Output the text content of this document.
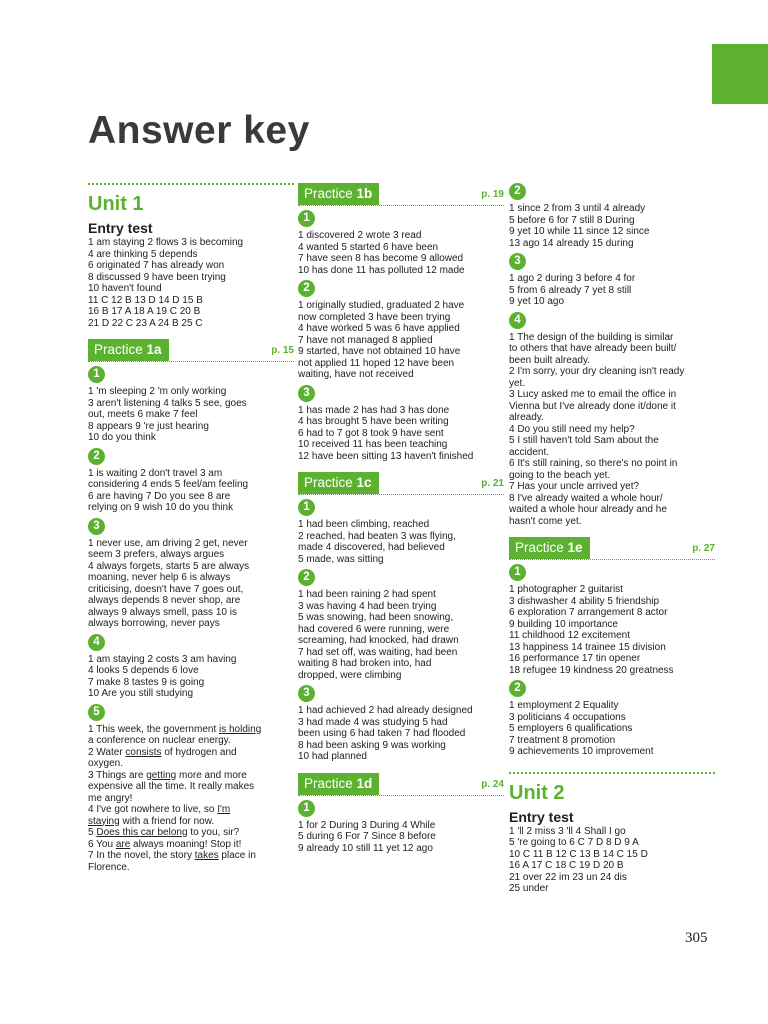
Answer key
Unit 1
Entry test
1 am staying 2 flows 3 is becoming
4 are thinking 5 depends
6 originated 7 has already won
8 discussed 9 have been trying
10 haven't found
11 C 12 B 13 D 14 D 15 B
16 B 17 A 18 A 19 C 20 B
21 D 22 C 23 A 24 B 25 C
Practice 1a	p. 15
1
1 'm sleeping 2 'm only working
3 aren't listening 4 talks 5 see, goes
out, meets 6 make 7 feel
8 appears 9 're just hearing
10 do you think
2
1 is waiting 2 don't travel 3 am
considering 4 ends 5 feel/am feeling
6 are having 7 Do you see 8 are
relying on 9 wish 10 do you think
3
1 never use, am driving 2 get, never
seem 3 prefers, always argues
4 always forgets, starts 5 are always
moaning, never help 6 is always
criticising, doesn't have 7 goes out,
always depends 8 never shop, are
always 9 always smell, pass 10 is
always borrowing, never pays
4
1 am staying 2 costs 3 am having
4 looks 5 depends 6 love
7 make 8 tastes 9 is going
10 Are you still studying
5
1 This week, the government is holding
a conference on nuclear energy.
2 Water consists of hydrogen and
oxygen.
3 Things are getting more and more
expensive all the time. It really makes
me angry!
4 I've got nowhere to live, so I'm
staying with a friend for now.
5 Does this car belong to you, sir?
6 You are always moaning! Stop it!
7 In the novel, the story takes place in
Florence.
Practice 1b	p. 19
1
1 discovered 2 wrote 3 read
4 wanted 5 started 6 have been
7 have seen 8 has become 9 allowed
10 has done 11 has polluted 12 made
2
1 originally studied, graduated 2 have
now completed 3 have been trying
4 have worked 5 was 6 have applied
7 have not managed 8 applied
9 started, have not obtained 10 have
not applied 11 hoped 12 have been
waiting, have not received
3
1 has made 2 has had 3 has done
4 has brought 5 have been writing
6 had to 7 got 8 took 9 have sent
10 received 11 has been teaching
12 have been sitting 13 haven't finished
Practice 1c	p. 21
1
1 had been climbing, reached
2 reached, had beaten 3 was flying,
made 4 discovered, had believed
5 made, was sitting
2
1 had been raining 2 had spent
3 was having 4 had been trying
5 was snowing, had been snowing,
had covered 6 were running, were
screaming, had knocked, had drawn
7 had set off, was waiting, had been
waiting 8 had broken into, had
dropped, were climbing
3
1 had achieved 2 had already designed
3 had made 4 was studying 5 had
been using 6 had taken 7 had flooded
8 had been asking 9 was working
10 had planned
Practice 1d	p. 24
1
1 for 2 During 3 During 4 While
5 during 6 For 7 Since 8 before
9 already 10 still 11 yet 12 ago
2
1 since 2 from 3 until 4 already
5 before 6 for 7 still 8 During
9 yet 10 while 11 since 12 since
13 ago 14 already 15 during
3
1 ago 2 during 3 before 4 for
5 from 6 already 7 yet 8 still
9 yet 10 ago
4
1 The design of the building is similar
to others that have already been built/
been built already.
2 I'm sorry, your dry cleaning isn't ready
yet.
3 Lucy asked me to email the office in
Vienna but I've already done it/done it
already.
4 Do you still need my help?
5 I still haven't told Sam about the
accident.
6 It's still raining, so there's no point in
going to the beach yet.
7 Has your uncle arrived yet?
8 I've already waited a whole hour/
waited a whole hour already and he
hasn't come yet.
Practice 1e	p. 27
1
1 photographer 2 guitarist
3 dishwasher 4 ability 5 friendship
6 exploration 7 arrangement 8 actor
9 building 10 importance
11 childhood 12 excitement
13 happiness 14 trainee 15 division
16 performance 17 tin opener
18 refugee 19 kindness 20 greatness
2
1 employment 2 Equality
3 politicians 4 occupations
5 employers 6 qualifications
7 treatment 8 promotion
9 achievements 10 improvement
Unit 2
Entry test
1 'll 2 miss 3 'll 4 Shall I go
5 're going to 6 C 7 D 8 D 9 A
10 C 11 B 12 C 13 B 14 C 15 D
16 A 17 C 18 C 19 D 20 B
21 over 22 im 23 un 24 dis
25 under
305
